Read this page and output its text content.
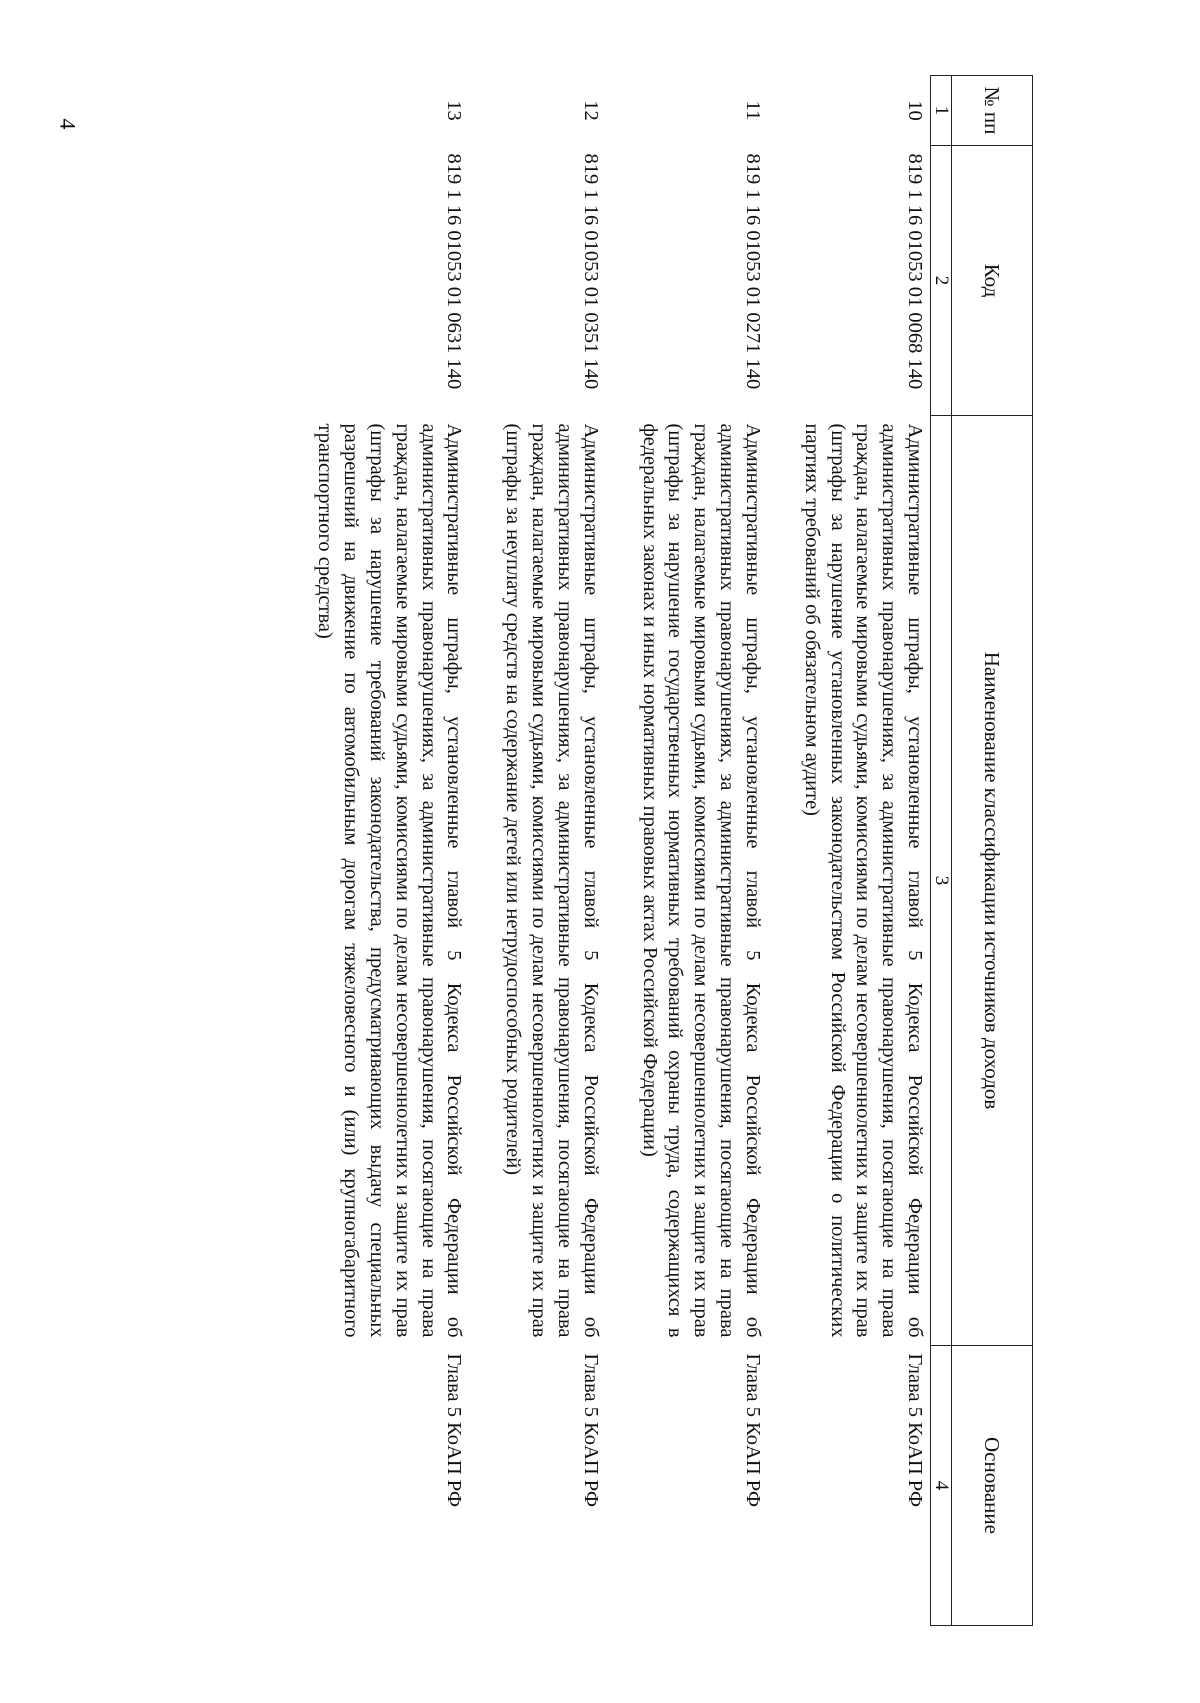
4	№ пп	Код	Наименование классификации источников доходов	Основание
1	2	3	4
10	819 1 16 01053 01 0068 140	Административные штрафы, установленные главой 5 Кодекса Российской Федерации об административных правонарушениях, за административные правонарушения, посягающие на права граждан, налагаемые мировыми судьями, комиссиями по делам несовершеннолетних и защите их прав (штрафы за нарушение установленных законодательством Российской Федерации о политических партиях требований об обязательном аудите)	Глава 5 КоАП РФ
11	819 1 16 01053 01 0271 140	Административные штрафы, установленные главой 5 Кодекса Российской Федерации об административных правонарушениях, за административные правонарушения, посягающие на права граждан, налагаемые мировыми судьями, комиссиями по делам несовершеннолетних и защите их прав (штрафы за нарушение государственных нормативных требований охраны труда, содержащихся в федеральных законах и иных нормативных правовых актах Российской Федерации)	Глава 5 КоАП РФ
12	819 1 16 01053 01 0351 140	Административные штрафы, установленные главой 5 Кодекса Российской Федерации об административных правонарушениях, за административные правонарушения, посягающие на права граждан, налагаемые мировыми судьями, комиссиями по делам несовершеннолетних и защите их прав (штрафы за неуплату средств на содержание детей или нетрудоспособных родителей)	Глава 5 КоАП РФ
13	819 1 16 01053 01 0631 140	Административные штрафы, установленные главой 5 Кодекса Российской Федерации об административных правонарушениях, за административные правонарушения, посягающие на права граждан, налагаемые мировыми судьями, комиссиями по делам несовершеннолетних и защите их прав (штрафы за нарушение требований законодательства, предусматривающих выдачу специальных разрешений на движение по автомобильным дорогам тяжеловесного и (или) крупногабаритного транспортного средства)	Глава 5 КоАП РФ
